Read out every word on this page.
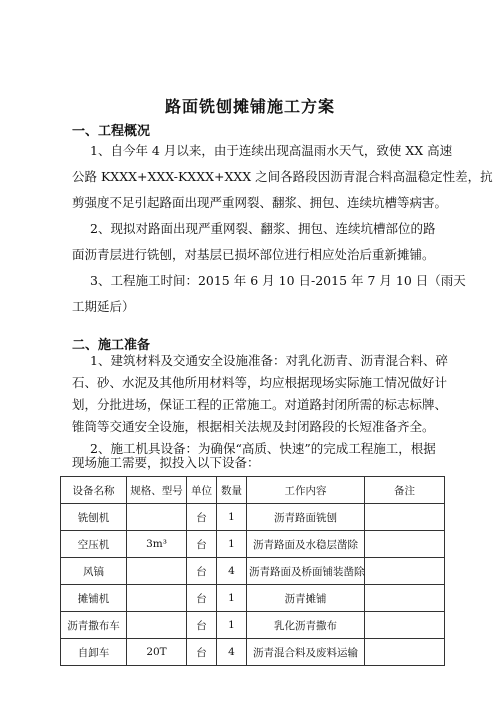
路面铣刨摊铺施工方案
一、工程概况
1、自今年 4 月以来，由于连续出现高温雨水天气，致使 XX 高速
公路 KXXX+XXX-KXXX+XXX 之间各路段因沥青混合料高温稳定性差，抗
剪强度不足引起路面出现严重网裂、翻浆、拥包、连续坑槽等病害。
2、现拟对路面出现严重网裂、翻浆、拥包、连续坑槽部位的路
面沥青层进行铣刨，对基层已损坏部位进行相应处治后重新摊铺。
3、工程施工时间：2015 年 6 月 10 日-2015 年 7 月 10 日（雨天
工期延后）
二、施工准备
1、建筑材料及交通安全设施准备：对乳化沥青、沥青混合料、碎
石、砂、水泥及其他所用材料等，均应根据现场实际施工情况做好计
划，分批进场，保证工程的正常施工。对道路封闭所需的标志标牌、
锥筒等交通安全设施，根据相关法规及封闭路段的长短准备齐全。
设备名称	规格、型号	单位	数量	工作内容	备注
铣刨机		台	1	沥青路面铣刨	
空压机	3m³	台	1	沥青路面及水稳层凿除	
风镐		台	4	沥青路面及桥面铺装凿除	
摊铺机		台	1	沥青摊铺	
沥青撒布车		台	1	乳化沥青撒布	
自卸车	20T	台	4	沥青混合料及废料运输	
2、施工机具设备：为确保“高质、快速”的完成工程施工，根据
现场施工需要，拟投入以下设备：
